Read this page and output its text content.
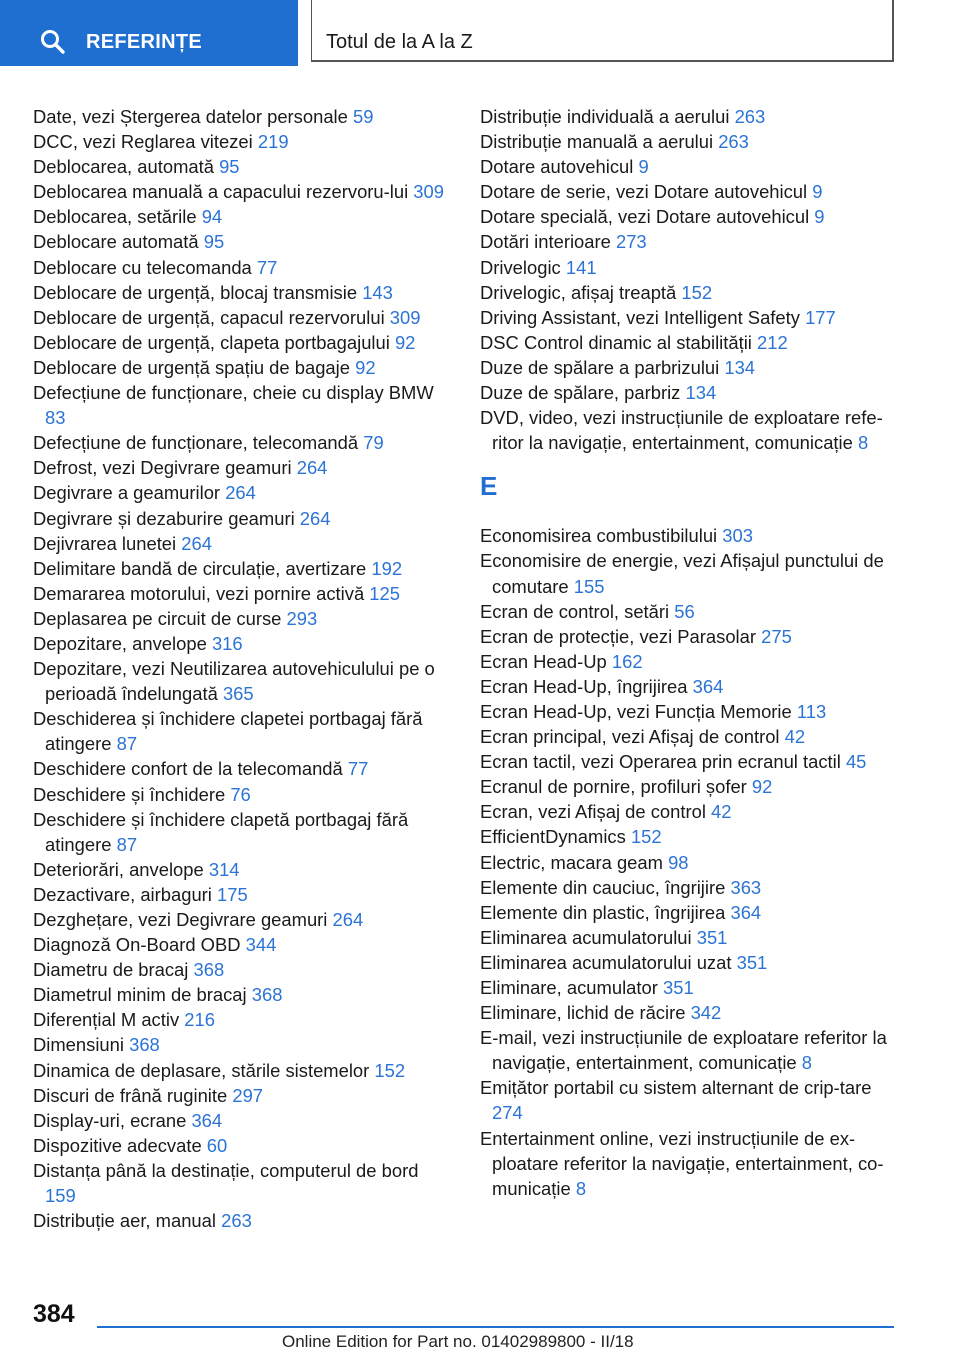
REFERINȚE	Totul de la A la Z
Date, vezi Ștergerea datelor personale 59
DCC, vezi Reglarea vitezei 219
Deblocarea, automată 95
Deblocarea manuală a capacului rezervoru-lui 309
Deblocarea, setările 94
Deblocare automată 95
Deblocare cu telecomanda 77
Deblocare de urgență, blocaj transmisie 143
Deblocare de urgență, capacul rezervorului 309
Deblocare de urgență, clapeta portbagajului 92
Deblocare de urgență spațiu de bagaje 92
Defecțiune de funcționare, cheie cu display BMW 83
Defecțiune de funcționare, telecomandă 79
Defrost, vezi Degivrare geamuri 264
Degivrare a geamurilor 264
Degivrare și dezaburire geamuri 264
Dejivrarea lunetei 264
Delimitare bandă de circulație, avertizare 192
Demararea motorului, vezi pornire activă 125
Deplasarea pe circuit de curse 293
Depozitare, anvelope 316
Depozitare, vezi Neutilizarea autovehiculului pe o perioadă îndelungată 365
Deschiderea și închidere clapetei portbagaj fără atingere 87
Deschidere confort de la telecomandă 77
Deschidere și închidere 76
Deschidere și închidere clapetă portbagaj fără atingere 87
Deteriorări, anvelope 314
Dezactivare, airbaguri 175
Dezghețare, vezi Degivrare geamuri 264
Diagnoză On-Board OBD 344
Diametru de bracaj 368
Diametrul minim de bracaj 368
Diferențial M activ 216
Dimensiuni 368
Dinamica de deplasare, stările sistemelor 152
Discuri de frână ruginite 297
Display-uri, ecrane 364
Dispozitive adecvate 60
Distanța până la destinație, computerul de bord 159
Distribuție aer, manual 263
Distribuție individuală a aerului 263
Distribuție manuală a aerului 263
Dotare autovehicul 9
Dotare de serie, vezi Dotare autovehicul 9
Dotare specială, vezi Dotare autovehicul 9
Dotări interioare 273
Drivelogic 141
Drivelogic, afișaj treaptă 152
Driving Assistant, vezi Intelligent Safety 177
DSC Control dinamic al stabilității 212
Duze de spălare a parbrizului 134
Duze de spălare, parbriz 134
DVD, video, vezi instrucțiunile de exploatare refe-ritor la navigație, entertainment, comunicație 8
E
Economisirea combustibilului 303
Economisire de energie, vezi Afișajul punctului de comutare 155
Ecran de control, setări 56
Ecran de protecție, vezi Parasolar 275
Ecran Head-Up 162
Ecran Head-Up, îngrijirea 364
Ecran Head-Up, vezi Funcția Memorie 113
Ecran principal, vezi Afișaj de control 42
Ecran tactil, vezi Operarea prin ecranul tactil 45
Ecranul de pornire, profiluri șofer 92
Ecran, vezi Afișaj de control 42
EfficientDynamics 152
Electric, macara geam 98
Elemente din cauciuc, îngrijire 363
Elemente din plastic, îngrijirea 364
Eliminarea acumulatorului 351
Eliminarea acumulatorului uzat 351
Eliminare, acumulator 351
Eliminare, lichid de răcire 342
E-mail, vezi instrucțiunile de exploatare referitor la navigație, entertainment, comunicație 8
Emițător portabil cu sistem alternant de crip-tare 274
Entertainment online, vezi instrucțiunile de ex-ploatare referitor la navigație, entertainment, co-municație 8
384
Online Edition for Part no. 01402989800 - II/18
